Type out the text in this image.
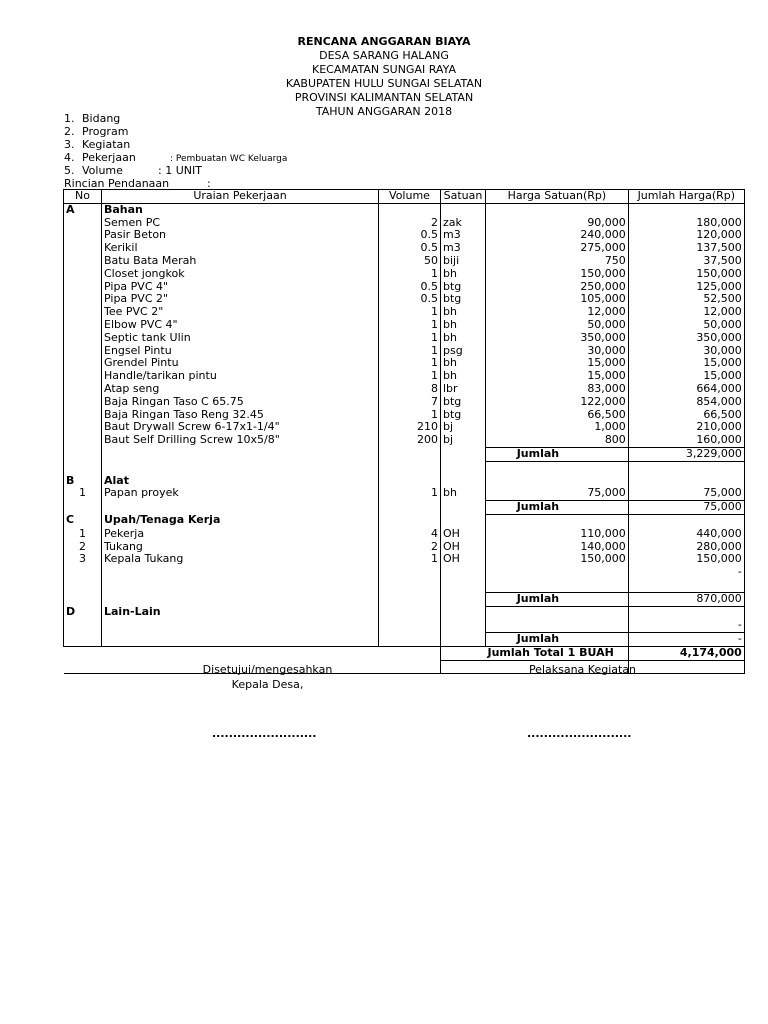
RENCANA ANGGARAN BIAYA
DESA SARANG HALANG
KECAMATAN SUNGAI RAYA
KABUPATEN HULU SUNGAI SELATAN
PROVINSI KALIMANTAN SELATAN
TAHUN ANGGARAN 2018
1. Bidang
2. Program
3. Kegiatan
4. Pekerjaan	: Pembuatan WC Keluarga
5. Volume	: 1 UNIT
Rincian Pendanaan	:
No	Uraian Pekerjaan	Volume	Satuan	Harga Satuan(Rp)	Jumlah Harga(Rp)
A	Bahan				
	Semen PC	2	zak	90,000	180,000
	Pasir Beton	0.5	m3	240,000	120,000
	Kerikil	0.5	m3	275,000	137,500
	Batu Bata Merah	50	biji	750	37,500
	Closet jongkok	1	bh	150,000	150,000
	Pipa PVC 4"	0.5	btg	250,000	125,000
	Pipa PVC 2"	0.5	btg	105,000	52,500
	Tee PVC 2"	1	bh	12,000	12,000
	Elbow PVC 4"	1	bh	50,000	50,000
	Septic tank Ulin	1	bh	350,000	350,000
	Engsel Pintu	1	psg	30,000	30,000
	Grendel Pintu	1	bh	15,000	15,000
	Handle/tarikan pintu	1	bh	15,000	15,000
	Atap seng	8	lbr	83,000	664,000
	Baja Ringan Taso C 65.75	7	btg	122,000	854,000
	Baja Ringan Taso Reng 32.45	1	btg	66,500	66,500
	Baut Drywall Screw 6-17x1-1/4"	210	bj	1,000	210,000
	Baut Self Drilling Screw 10x5/8"	200	bj	800	160,000
				Jumlah	3,229,000

B	Alat				
1	Papan proyek	1	bh	75,000	75,000
				Jumlah	75,000
C	Upah/Tenaga Kerja				
1	Pekerja	4	OH	110,000	440,000
2	Tukang	2	OH	140,000	280,000
3	Kepala Tukang	1	OH	150,000	150,000
					-

				Jumlah	870,000
D	Lain-Lain				
					-
				Jumlah	-
				Jumlah Total 1 BUAH	4,174,000

Disetujui/mengesahkan
Kepala Desa,
.........................
Pelaksana Kegiatan
.........................
